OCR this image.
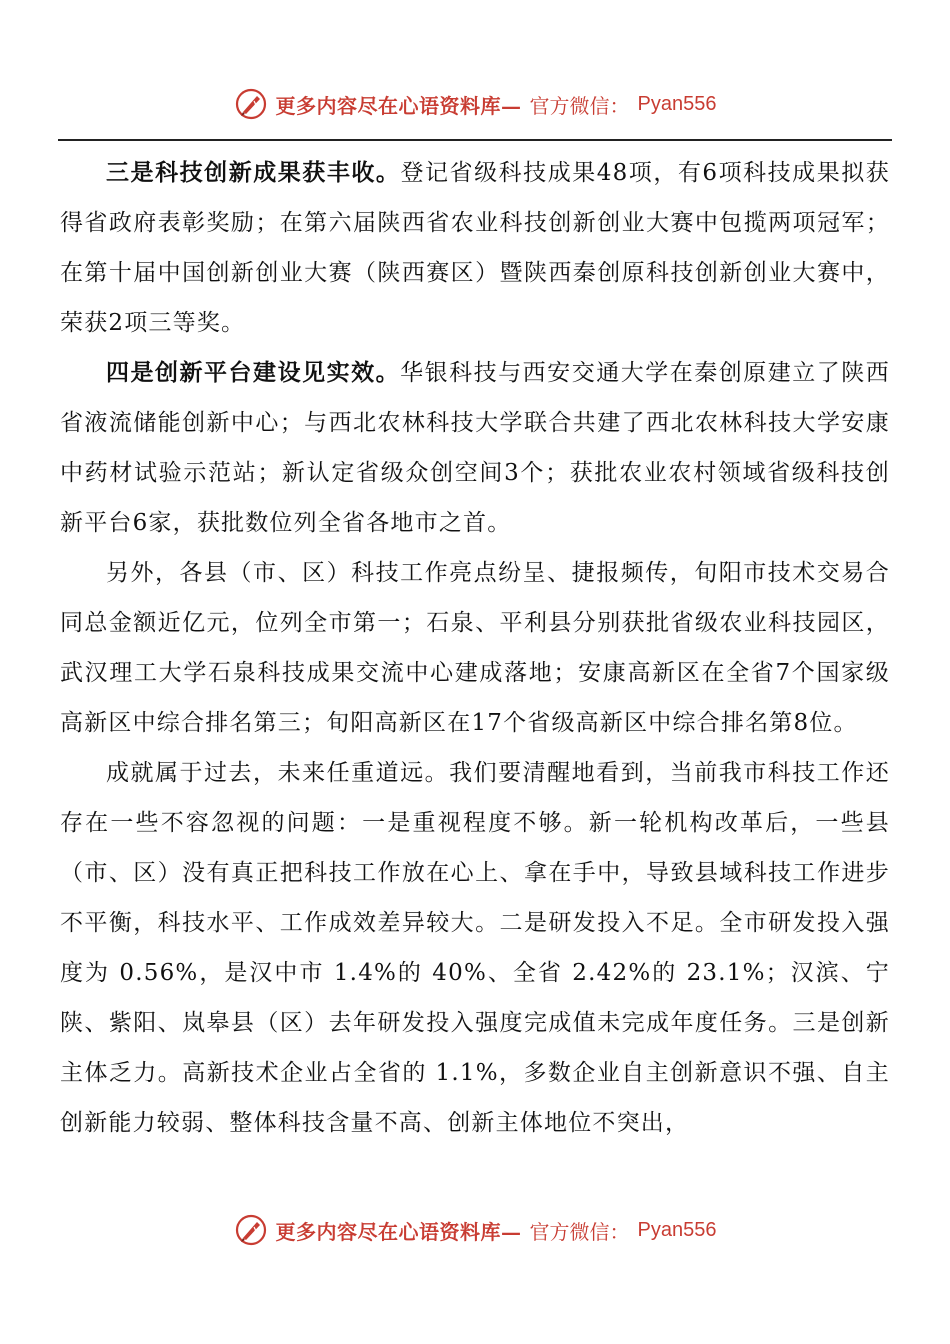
更多内容尽在心语资料库— 官方微信： Pyan556

三是科技创新成果获丰收。登记省级科技成果48项，有6项科技成果拟获得省政府表彰奖励；在第六届陕西省农业科技创新创业大赛中包揽两项冠军；在第十届中国创新创业大赛（陕西赛区）暨陕西秦创原科技创新创业大赛中，荣获2项三等奖。

四是创新平台建设见实效。华银科技与西安交通大学在秦创原建立了陕西省液流储能创新中心；与西北农林科技大学联合共建了西北农林科技大学安康中药材试验示范站；新认定省级众创空间3个；获批农业农村领域省级科技创新平台6家，获批数位列全省各地市之首。

另外，各县（市、区）科技工作亮点纷呈、捷报频传，旬阳市技术交易合同总金额近亿元，位列全市第一；石泉、平利县分别获批省级农业科技园区，武汉理工大学石泉科技成果交流中心建成落地；安康高新区在全省7个国家级高新区中综合排名第三；旬阳高新区在17个省级高新区中综合排名第8位。

成就属于过去，未来任重道远。我们要清醒地看到，当前我市科技工作还存在一些不容忽视的问题：一是重视程度不够。新一轮机构改革后，一些县（市、区）没有真正把科技工作放在心上、拿在手中，导致县域科技工作进步不平衡，科技水平、工作成效差异较大。二是研发投入不足。全市研发投入强度为 0.56%，是汉中市 1.4%的 40%、全省 2.42%的 23.1%；汉滨、宁陕、紫阳、岚皋县（区）去年研发投入强度完成值未完成年度任务。三是创新主体乏力。高新技术企业占全省的 1.1%，多数企业自主创新意识不强、自主创新能力较弱、整体科技含量不高、创新主体地位不突出，

更多内容尽在心语资料库— 官方微信： Pyan556
